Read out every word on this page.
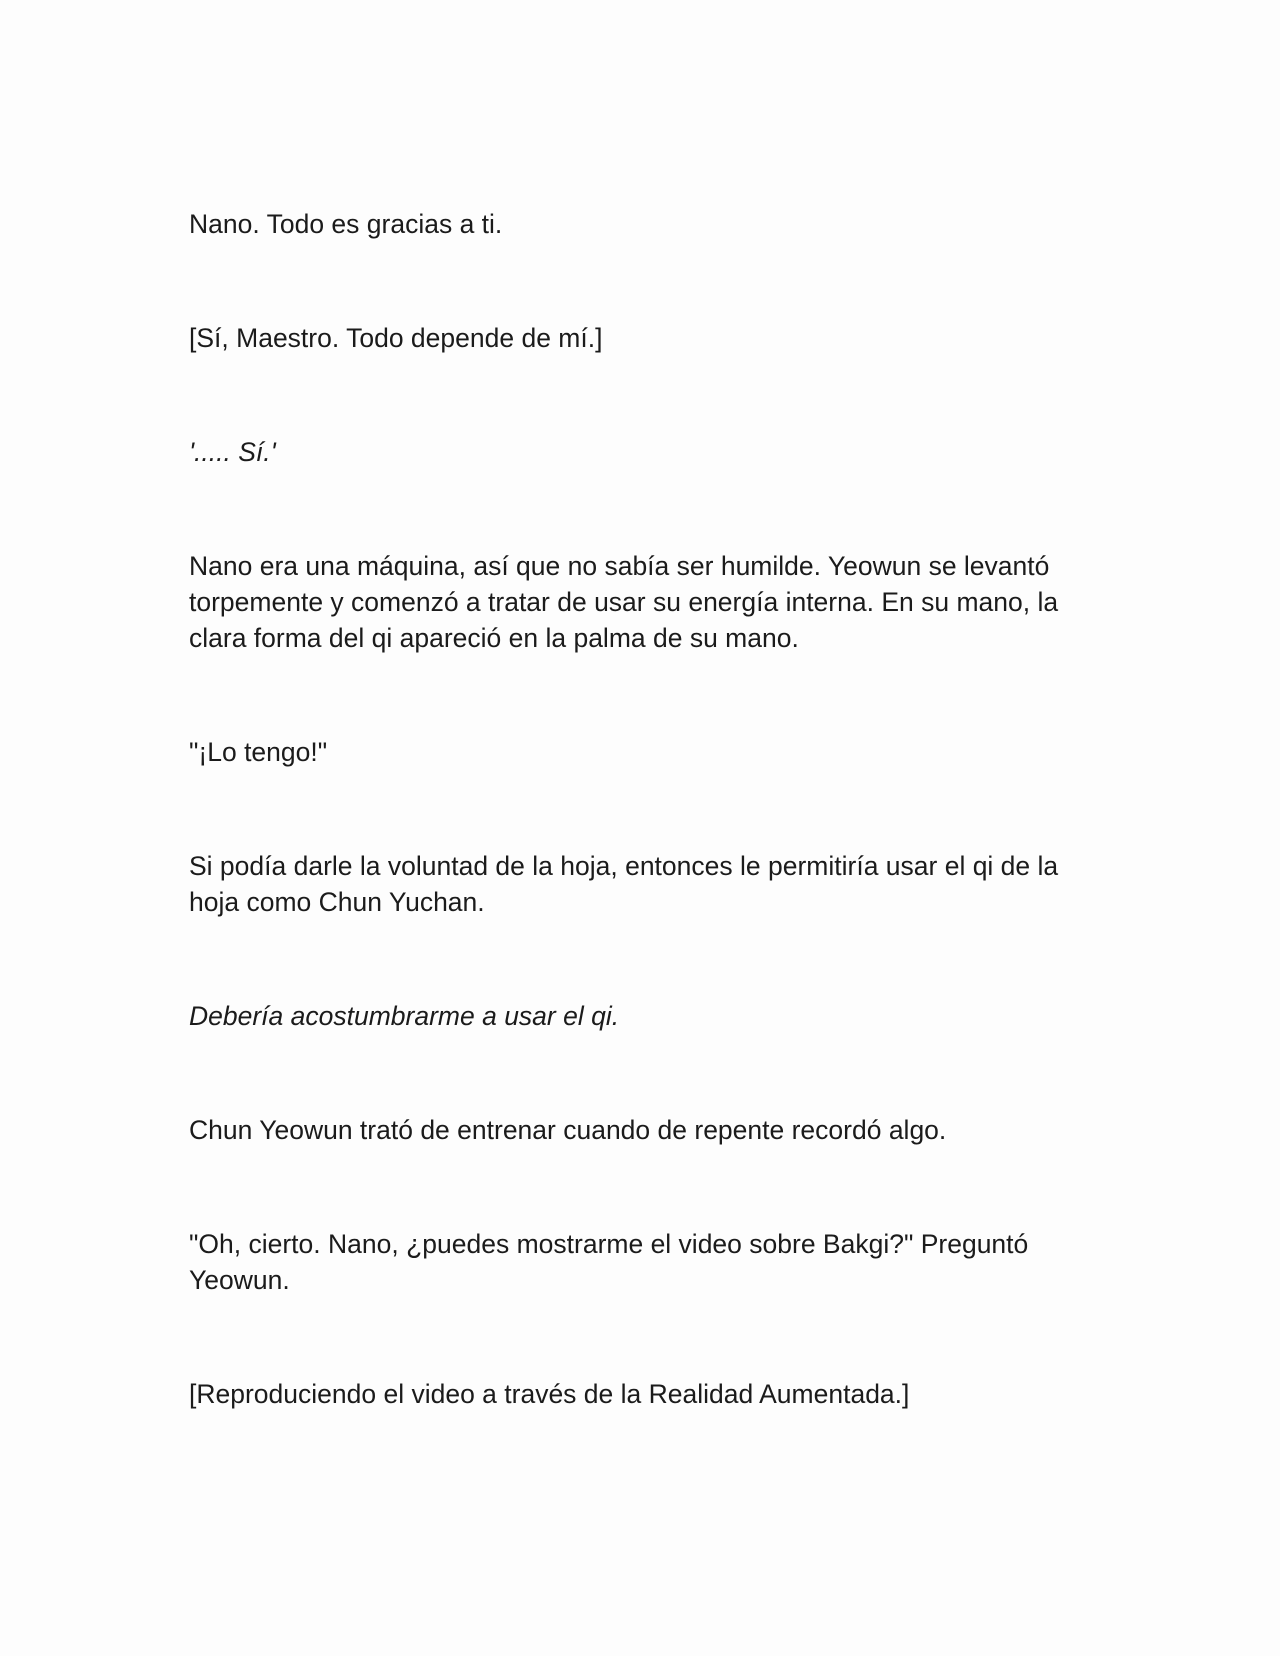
Nano. Todo es gracias a ti.

[Sí, Maestro. Todo depende de mí.]

'..... Sí.'

Nano era una máquina, así que no sabía ser humilde. Yeowun se levantó torpemente y comenzó a tratar de usar su energía interna. En su mano, la clara forma del qi apareció en la palma de su mano.

"¡Lo tengo!"

Si podía darle la voluntad de la hoja, entonces le permitiría usar el qi de la hoja como Chun Yuchan.

Debería acostumbrarme a usar el qi.

Chun Yeowun trató de entrenar cuando de repente recordó algo.

"Oh, cierto. Nano, ¿puedes mostrarme el video sobre Bakgi?" Preguntó Yeowun.

[Reproduciendo el video a través de la Realidad Aumentada.]
